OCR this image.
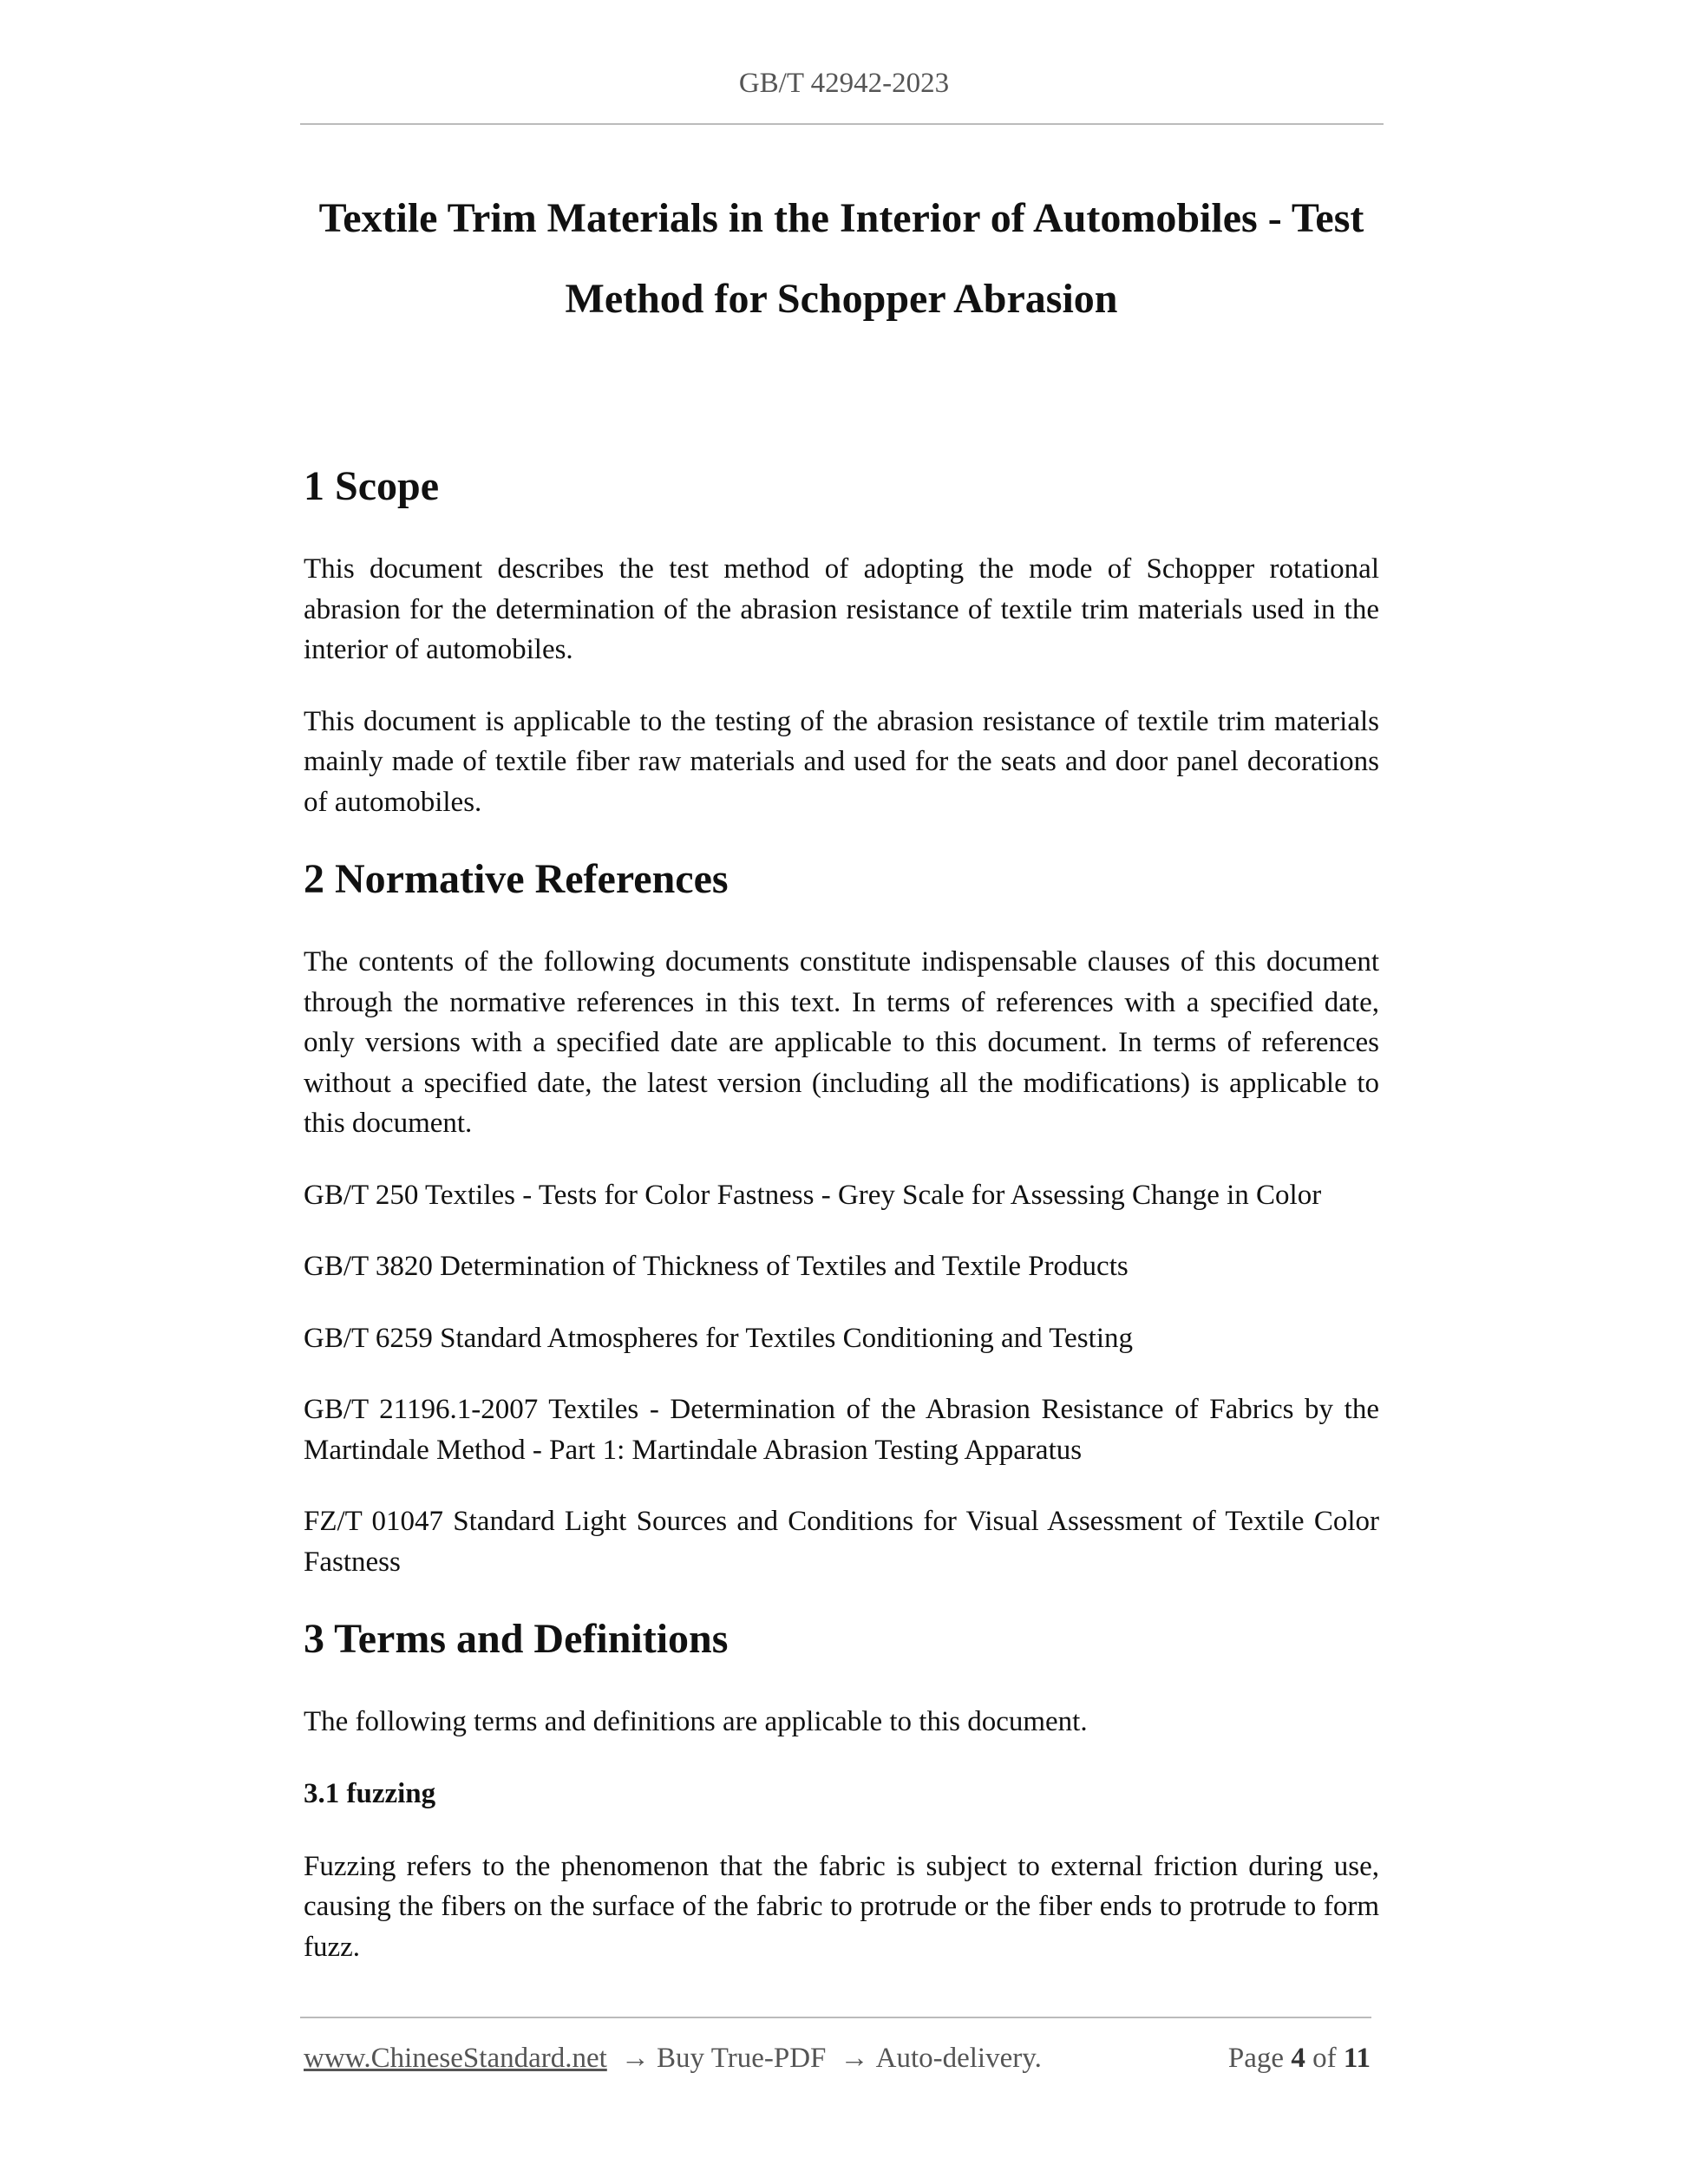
GB/T 42942-2023
Textile Trim Materials in the Interior of Automobiles - Test
Method for Schopper Abrasion
1 Scope

This document describes the test method of adopting the mode of Schopper rotational abrasion for the determination of the abrasion resistance of textile trim materials used in the interior of automobiles.

This document is applicable to the testing of the abrasion resistance of textile trim materials mainly made of textile fiber raw materials and used for the seats and door panel decorations of automobiles.

2 Normative References

The contents of the following documents constitute indispensable clauses of this document through the normative references in this text. In terms of references with a specified date, only versions with a specified date are applicable to this document. In terms of references without a specified date, the latest version (including all the modifications) is applicable to this document.

GB/T 250 Textiles - Tests for Color Fastness - Grey Scale for Assessing Change in Color

GB/T 3820 Determination of Thickness of Textiles and Textile Products

GB/T 6259 Standard Atmospheres for Textiles Conditioning and Testing

GB/T 21196.1-2007 Textiles - Determination of the Abrasion Resistance of Fabrics by the Martindale Method - Part 1: Martindale Abrasion Testing Apparatus

FZ/T 01047 Standard Light Sources and Conditions for Visual Assessment of Textile Color Fastness

3 Terms and Definitions

The following terms and definitions are applicable to this document.

3.1 fuzzing

Fuzzing refers to the phenomenon that the fabric is subject to external friction during use, causing the fibers on the surface of the fabric to protrude or the fiber ends to protrude to form fuzz.

www.ChineseStandard.net → Buy True-PDF → Auto-delivery.	Page 4 of 11
